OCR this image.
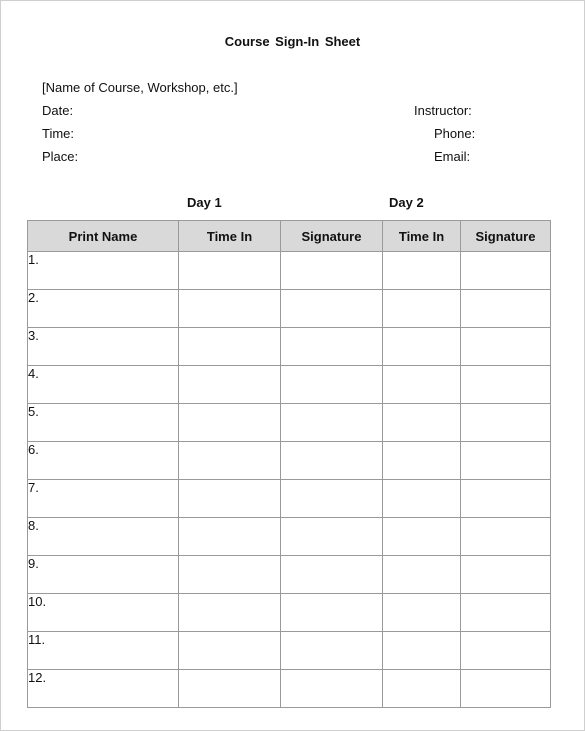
Course Sign-In Sheet
[Name of Course, Workshop, etc.]
Date:
Time:
Place:
Instructor:
Phone:
Email:
Day 1	Day 2
Print Name	Time In	Signature	Time In	Signature
1.				
2.				
3.				
4.				
5.				
6.				
7.				
8.				
9.				
10.				
11.				
12.				
